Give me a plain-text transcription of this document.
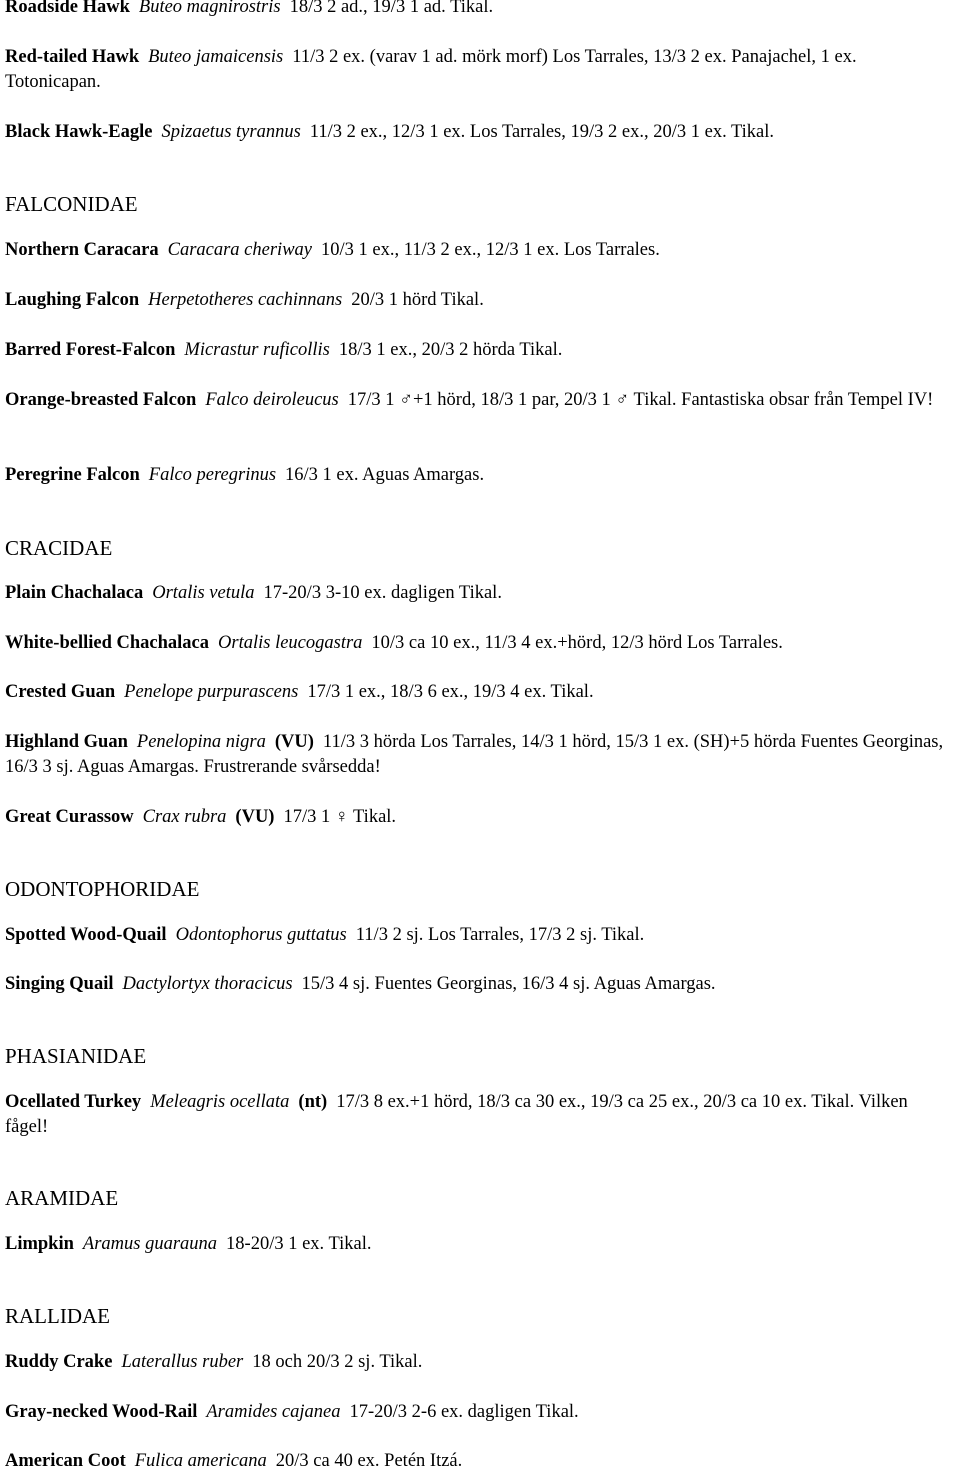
Roadside Hawk Buteo magnirostris 18/3 2 ad., 19/3 1 ad. Tikal.

Red-tailed Hawk Buteo jamaicensis 11/3 2 ex. (varav 1 ad. mörk morf) Los Tarrales, 13/3 2 ex. Panajachel, 1 ex. Totonicapan.

Black Hawk-Eagle Spizaetus tyrannus 11/3 2 ex., 12/3 1 ex. Los Tarrales, 19/3 2 ex., 20/3 1 ex. Tikal.

FALCONIDAE

Northern Caracara Caracara cheriway 10/3 1 ex., 11/3 2 ex., 12/3 1 ex. Los Tarrales.

Laughing Falcon Herpetotheres cachinnans 20/3 1 hörd Tikal.

Barred Forest-Falcon Micrastur ruficollis 18/3 1 ex., 20/3 2 hörda Tikal.

Orange-breasted Falcon Falco deiroleucus 17/3 1 ♂+1 hörd, 18/3 1 par, 20/3 1 ♂ Tikal. Fantastiska obsar från Tempel IV!

Peregrine Falcon Falco peregrinus 16/3 1 ex. Aguas Amargas.

CRACIDAE

Plain Chachalaca Ortalis vetula 17-20/3 3-10 ex. dagligen Tikal.

White-bellied Chachalaca Ortalis leucogastra 10/3 ca 10 ex., 11/3 4 ex.+hörd, 12/3 hörd Los Tarrales.

Crested Guan Penelope purpurascens 17/3 1 ex., 18/3 6 ex., 19/3 4 ex. Tikal.

Highland Guan Penelopina nigra (VU) 11/3 3 hörda Los Tarrales, 14/3 1 hörd, 15/3 1 ex. (SH)+5 hörda Fuentes Georginas, 16/3 3 sj. Aguas Amargas. Frustrerande svårsedda!

Great Curassow Crax rubra (VU) 17/3 1 ♀ Tikal.

ODONTOPHORIDAE

Spotted Wood-Quail Odontophorus guttatus 11/3 2 sj. Los Tarrales, 17/3 2 sj. Tikal.

Singing Quail Dactylortyx thoracicus 15/3 4 sj. Fuentes Georginas, 16/3 4 sj. Aguas Amargas.

PHASIANIDAE

Ocellated Turkey Meleagris ocellata (nt) 17/3 8 ex.+1 hörd, 18/3 ca 30 ex., 19/3 ca 25 ex., 20/3 ca 10 ex. Tikal. Vilken fågel!

ARAMIDAE

Limpkin Aramus guarauna 18-20/3 1 ex. Tikal.

RALLIDAE

Ruddy Crake Laterallus ruber 18 och 20/3 2 sj. Tikal.

Gray-necked Wood-Rail Aramides cajanea 17-20/3 2-6 ex. dagligen Tikal.

American Coot Fulica americana 20/3 ca 40 ex. Petén Itzá.
